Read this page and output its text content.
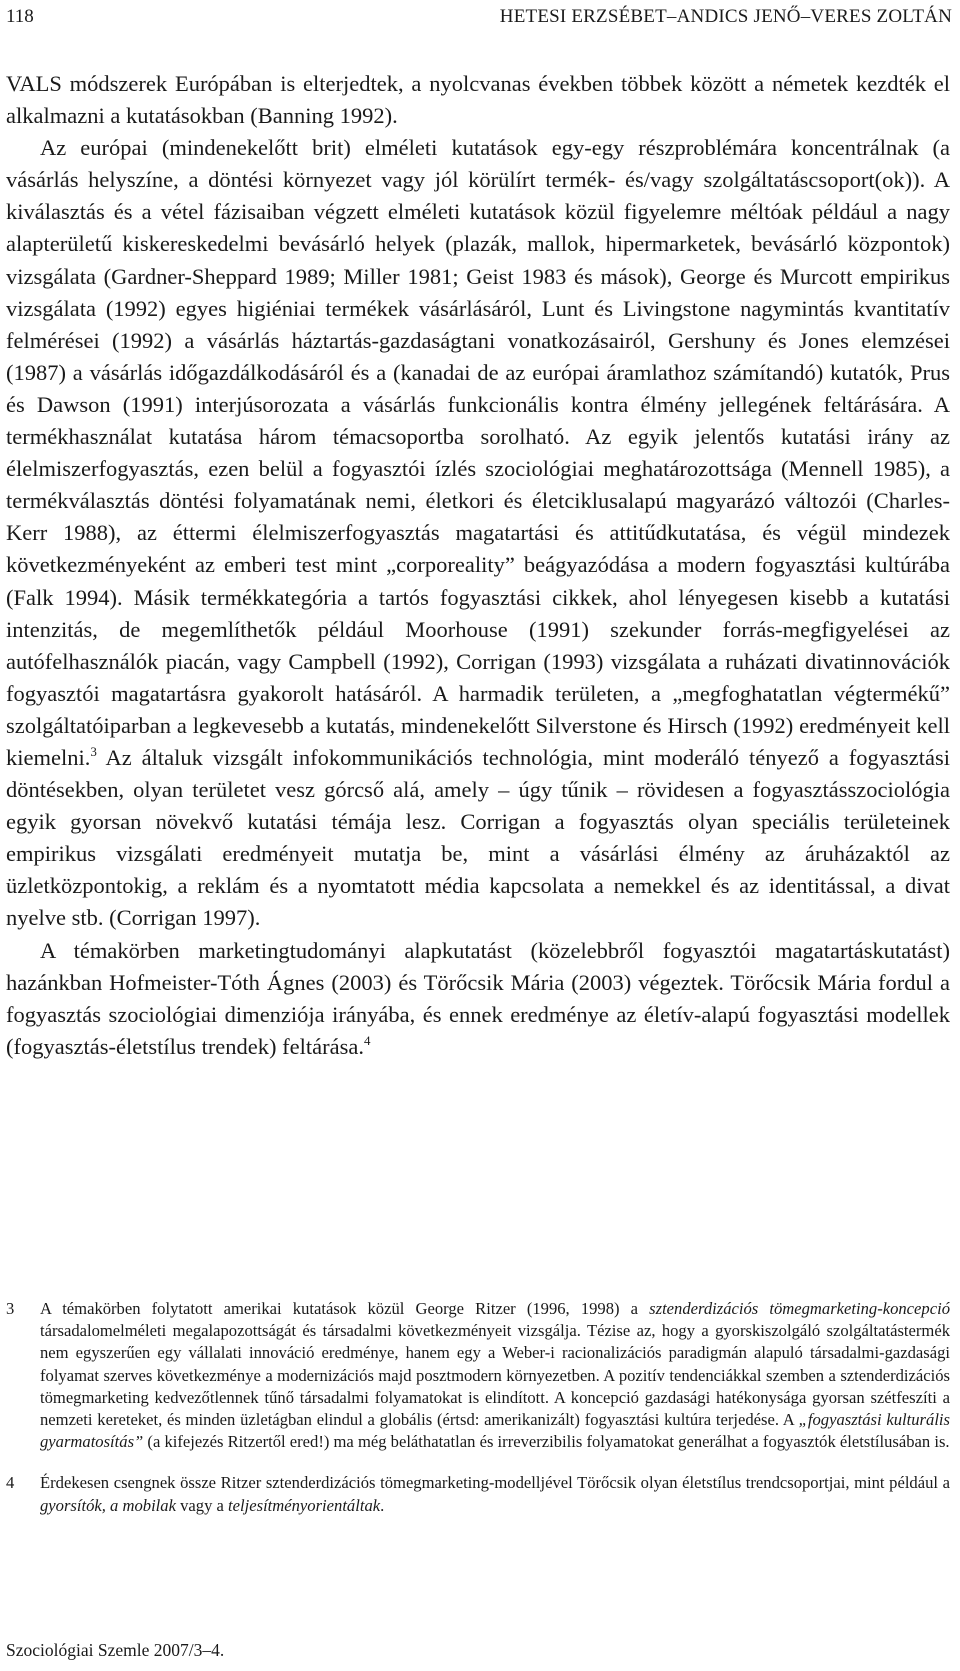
118	HETESI ERZSÉBET–ANDICS JENŐ–VERES ZOLTÁN

VALS módszerek Európában is elterjedtek, a nyolcvanas években többek között a németek kezdték el alkalmazni a kutatásokban (Banning 1992).
Az európai (mindenekelőtt brit) elméleti kutatások egy-egy részproblémára koncentrálnak (a vásárlás helyszíne, a döntési környezet vagy jól körülírt termék- és/vagy szolgáltatáscsoport(ok)). A kiválasztás és a vétel fázisaiban végzett elméleti kutatások közül figyelemre méltóak például a nagy alapterületű kiskereskedelmi bevásárló helyek (plazák, mallok, hipermarketek, bevásárló központok) vizsgálata (Gardner-Sheppard 1989; Miller 1981; Geist 1983 és mások), George és Murcott empirikus vizsgálata (1992) egyes higiéniai termékek vásárlásáról, Lunt és Livingstone nagymintás kvantitatív felmérései (1992) a vásárlás háztartás-gazdaságtani vonatkozásairól, Gershuny és Jones elemzései (1987) a vásárlás időgazdálkodásáról és a (kanadai de az európai áramlathoz számítandó) kutatók, Prus és Dawson (1991) interjúsorozata a vásárlás funkcionális kontra élmény jellegének feltárására. A termékhasználat kutatása három témacsoportba sorolható. Az egyik jelentős kutatási irány az élelmiszerfogyasztás, ezen belül a fogyasztói ízlés szociológiai meghatározottsága (Mennell 1985), a termékválasztás döntési folyamatának nemi, életkori és életciklusalapú magyarázó változói (Charles-Kerr 1988), az éttermi élelmiszerfogyasztás magatartási és attitűdkutatása, és végül mindezek következményeként az emberi test mint „corporeality” beágyazódása a modern fogyasztási kultúrába (Falk 1994). Másik termékkategória a tartós fogyasztási cikkek, ahol lényegesen kisebb a kutatási intenzitás, de megemlíthetők például Moorhouse (1991) szekunder forrás-megfigyelései az autófelhasználók piacán, vagy Campbell (1992), Corrigan (1993) vizsgálata a ruházati divatinnovációk fogyasztói magatartásra gyakorolt hatásáról. A harmadik területen, a „megfoghatatlan végtermékű” szolgáltatóiparban a legkevesebb a kutatás, mindenekelőtt Silverstone és Hirsch (1992) eredményeit kell kiemelni.$^3$ Az általuk vizsgált infokommunikációs technológia, mint moderáló tényező a fogyasztási döntésekben, olyan területet vesz górcső alá, amely – úgy tűnik – rövidesen a fogyasztásszociológia egyik gyorsan növekvő kutatási témája lesz. Corrigan a fogyasztás olyan speciális területeinek empirikus vizsgálati eredményeit mutatja be, mint a vásárlási élmény az áruházaktól az üzletközpontokig, a reklám és a nyomtatott média kapcsolata a nemekkel és az identitással, a divat nyelve stb. (Corrigan 1997).

A témakörben marketingtudományi alapkutatást (közelebbről fogyasztói magatartáskutatást) hazánkban Hofmeister-Tóth Ágnes (2003) és Törőcsik Mária (2003) végeztek. Törőcsik Mária fordul a fogyasztás szociológiai dimenziója irányába, és ennek eredménye az életív-alapú fogyasztási modellek (fogyasztás-életstílus trendek) feltárása.$^4$

3	A témakörben folytatott amerikai kutatások közül George Ritzer (1996, 1998) a sztenderdizációs tömegmarketing-koncepció társadalomelméleti megalapozottságát és társadalmi következményeit vizsgálja. Tézise az, hogy a gyorskiszolgáló szolgáltatástermék nem egyszerűen egy vállalati innováció eredménye, hanem egy a Weber-i racionalizációs paradigmán alapuló társadalmi-gazdasági folyamat szerves következménye a modernizációs majd posztmodern környezetben. A pozitív tendenciákkal szemben a sztenderdizációs tömegmarketing kedvezőtlennek tűnő társadalmi folyamatokat is elindított. A koncepció gazdasági hatékonysága gyorsan szétfeszíti a nemzeti kereteket, és minden üzletágban elindul a globális (értsd: amerikanizált) fogyasztási kultúra terjedése. A „fogyasztási kulturális gyarmatosítás” (a kifejezés Ritzertől ered!) ma még beláthatatlan és irreverzibilis folyamatokat generálhat a fogyasztók életstílusában is.
4	Érdekesen csengnek össze Ritzer sztenderdizációs tömegmarketing-modelljével Törőcsik olyan életstílus trendcsoportjai, mint például a gyorsítók, a mobilak vagy a teljesítményorientáltak.
Szociológiai Szemle 2007/3–4.
